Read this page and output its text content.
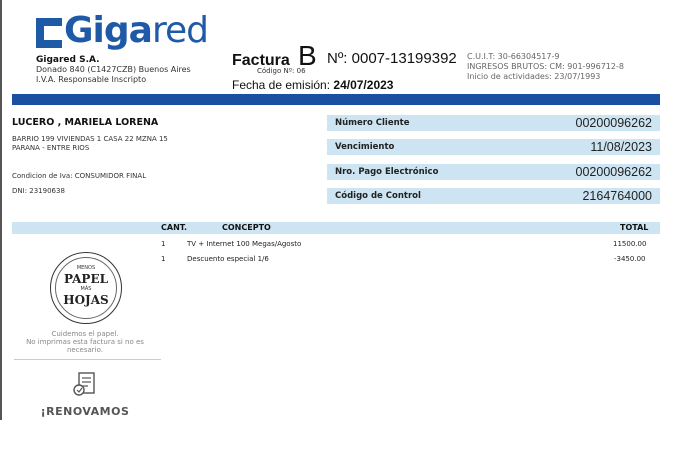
Giga red
Gigared S.A.
Donado 840 (C1427CZB) Buenos Aires
I.V.A. Responsable Inscripto
Factura B Nº: 0007-13199392
Código Nº: 06
Fecha de emisión: 24/07/2023
C.U.I.T: 30-66304517-9
INGRESOS BRUTOS: CM: 901-996712-8
Inicio de actividades: 23/07/1993
LUCERO , MARIELA LORENA
BARRIO 199 VIVIENDAS 1 CASA 22 MZNA 15
PARANA - ENTRE RIOS
Condicion de Iva: CONSUMIDOR FINAL
DNI: 23190638
Número Cliente	00200096262
Vencimiento	11/08/2023
Nro. Pago Electrónico	00200096262
Código de Control	2164764000
CANT.	CONCEPTO	TOTAL
1	TV + Internet 100 Megas/Agosto	11500.00
1	Descuento especial 1/6	-3450.00
MENOS
PAPEL
MÁS
HOJAS
Cuidemos el papel.
No imprimas esta factura si no es necesario.
¡RENOVAMOS
